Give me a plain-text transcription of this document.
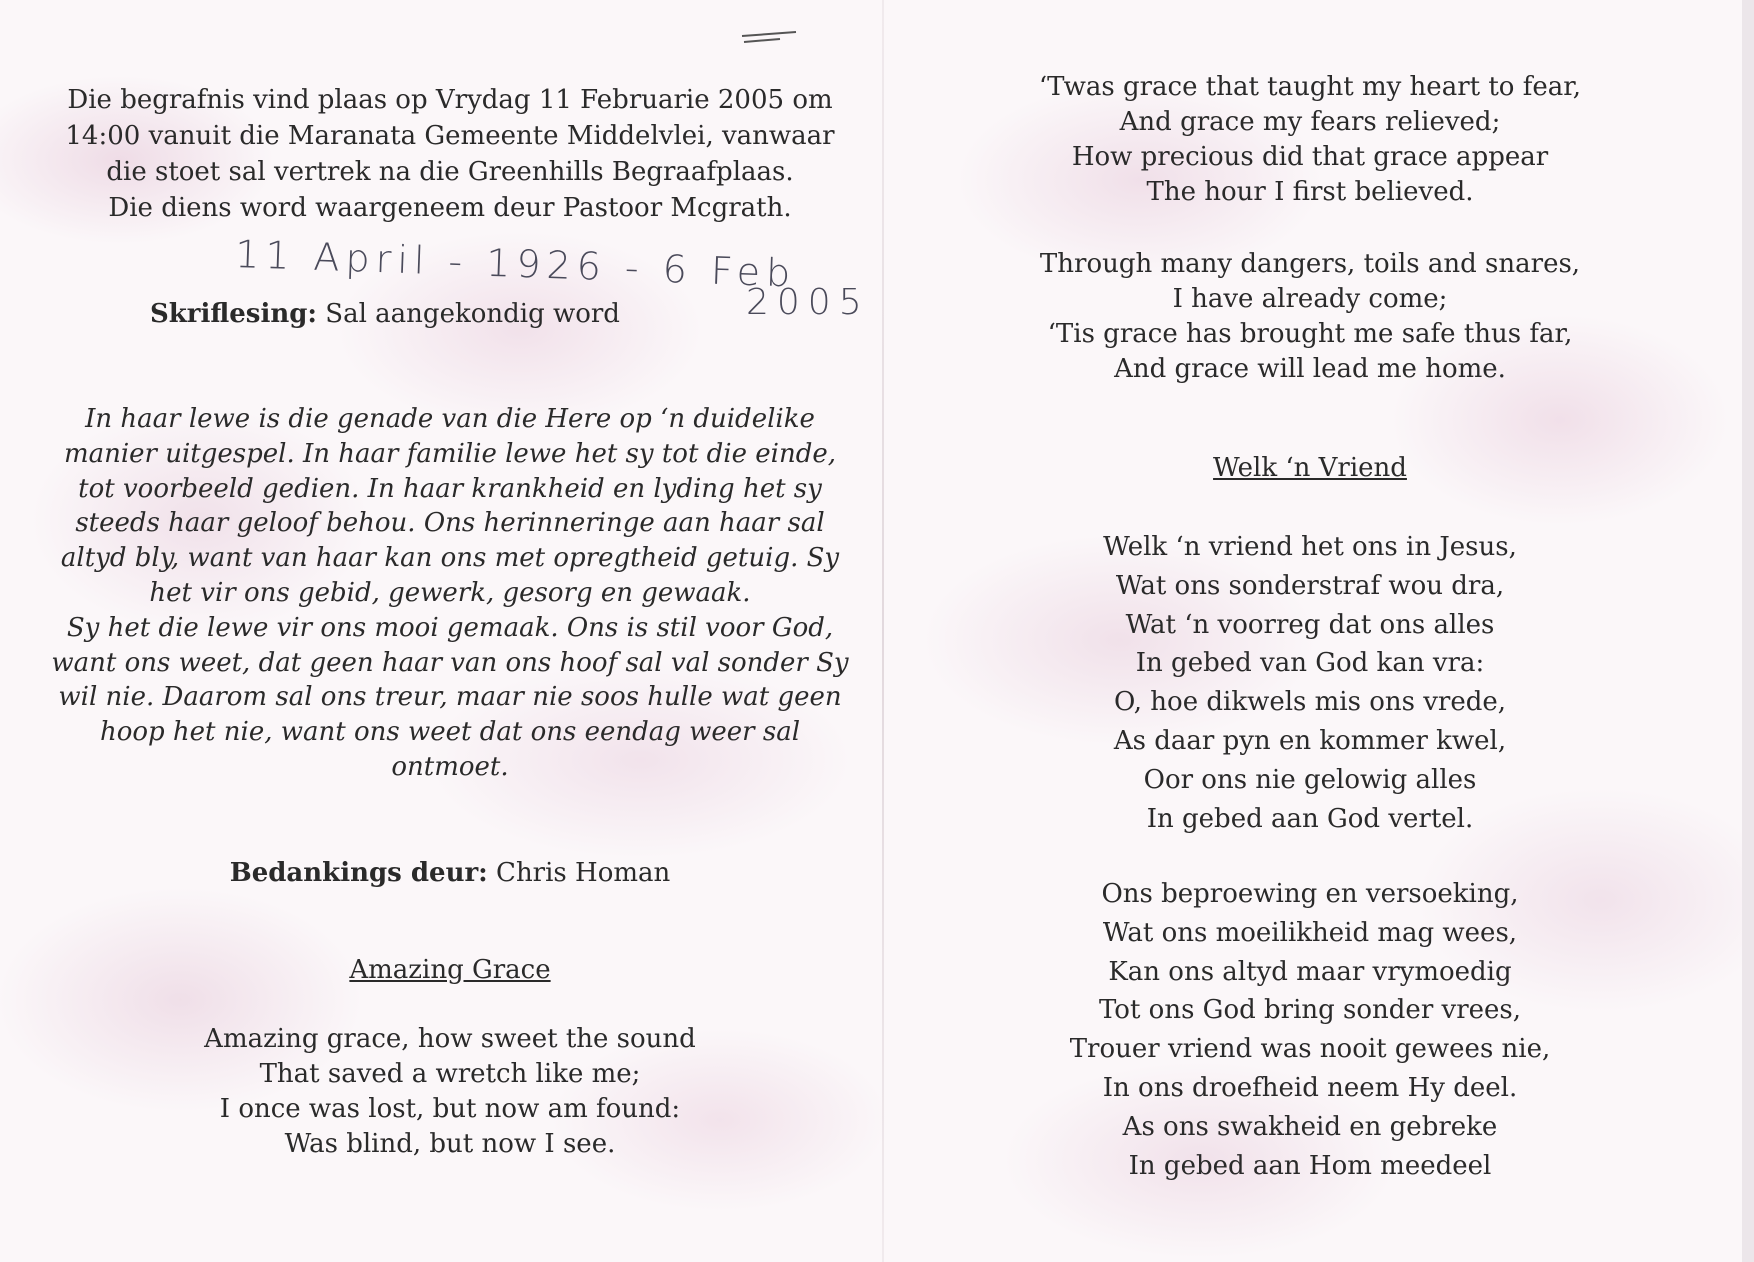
Die begrafnis vind plaas op Vrydag 11 Februarie 2005 om
14:00 vanuit die Maranata Gemeente Middelvlei, vanwaar
die stoet sal vertrek na die Greenhills Begraafplaas.
Die diens word waargeneem deur Pastoor Mcgrath.
11 April - 1926 - 6 Feb
2005
Skriflesing: Sal aangekondig word
In haar lewe is die genade van die Here op ‘n duidelike
manier uitgespel. In haar familie lewe het sy tot die einde,
tot voorbeeld gedien. In haar krankheid en lyding het sy
steeds haar geloof behou. Ons herinneringe aan haar sal
altyd bly, want van haar kan ons met opregtheid getuig. Sy
het vir ons gebid, gewerk, gesorg en gewaak.
Sy het die lewe vir ons mooi gemaak. Ons is stil voor God,
want ons weet, dat geen haar van ons hoof sal val sonder Sy
wil nie. Daarom sal ons treur, maar nie soos hulle wat geen
hoop het nie, want ons weet dat ons eendag weer sal
ontmoet.
Bedankings deur: Chris Homan
Amazing Grace
Amazing grace, how sweet the sound
That saved a wretch like me;
I once was lost, but now am found:
Was blind, but now I see.
‘Twas grace that taught my heart to fear,
And grace my fears relieved;
How precious did that grace appear
The hour I first believed.
Through many dangers, toils and snares,
I have already come;
‘Tis grace has brought me safe thus far,
And grace will lead me home.
Welk ‘n Vriend
Welk ‘n vriend het ons in Jesus,
Wat ons sonderstraf wou dra,
Wat ‘n voorreg dat ons alles
In gebed van God kan vra:
O, hoe dikwels mis ons vrede,
As daar pyn en kommer kwel,
Oor ons nie gelowig alles
In gebed aan God vertel.
Ons beproewing en versoeking,
Wat ons moeilikheid mag wees,
Kan ons altyd maar vrymoedig
Tot ons God bring sonder vrees,
Trouer vriend was nooit gewees nie,
In ons droefheid neem Hy deel.
As ons swakheid en gebreke
In gebed aan Hom meedeel
